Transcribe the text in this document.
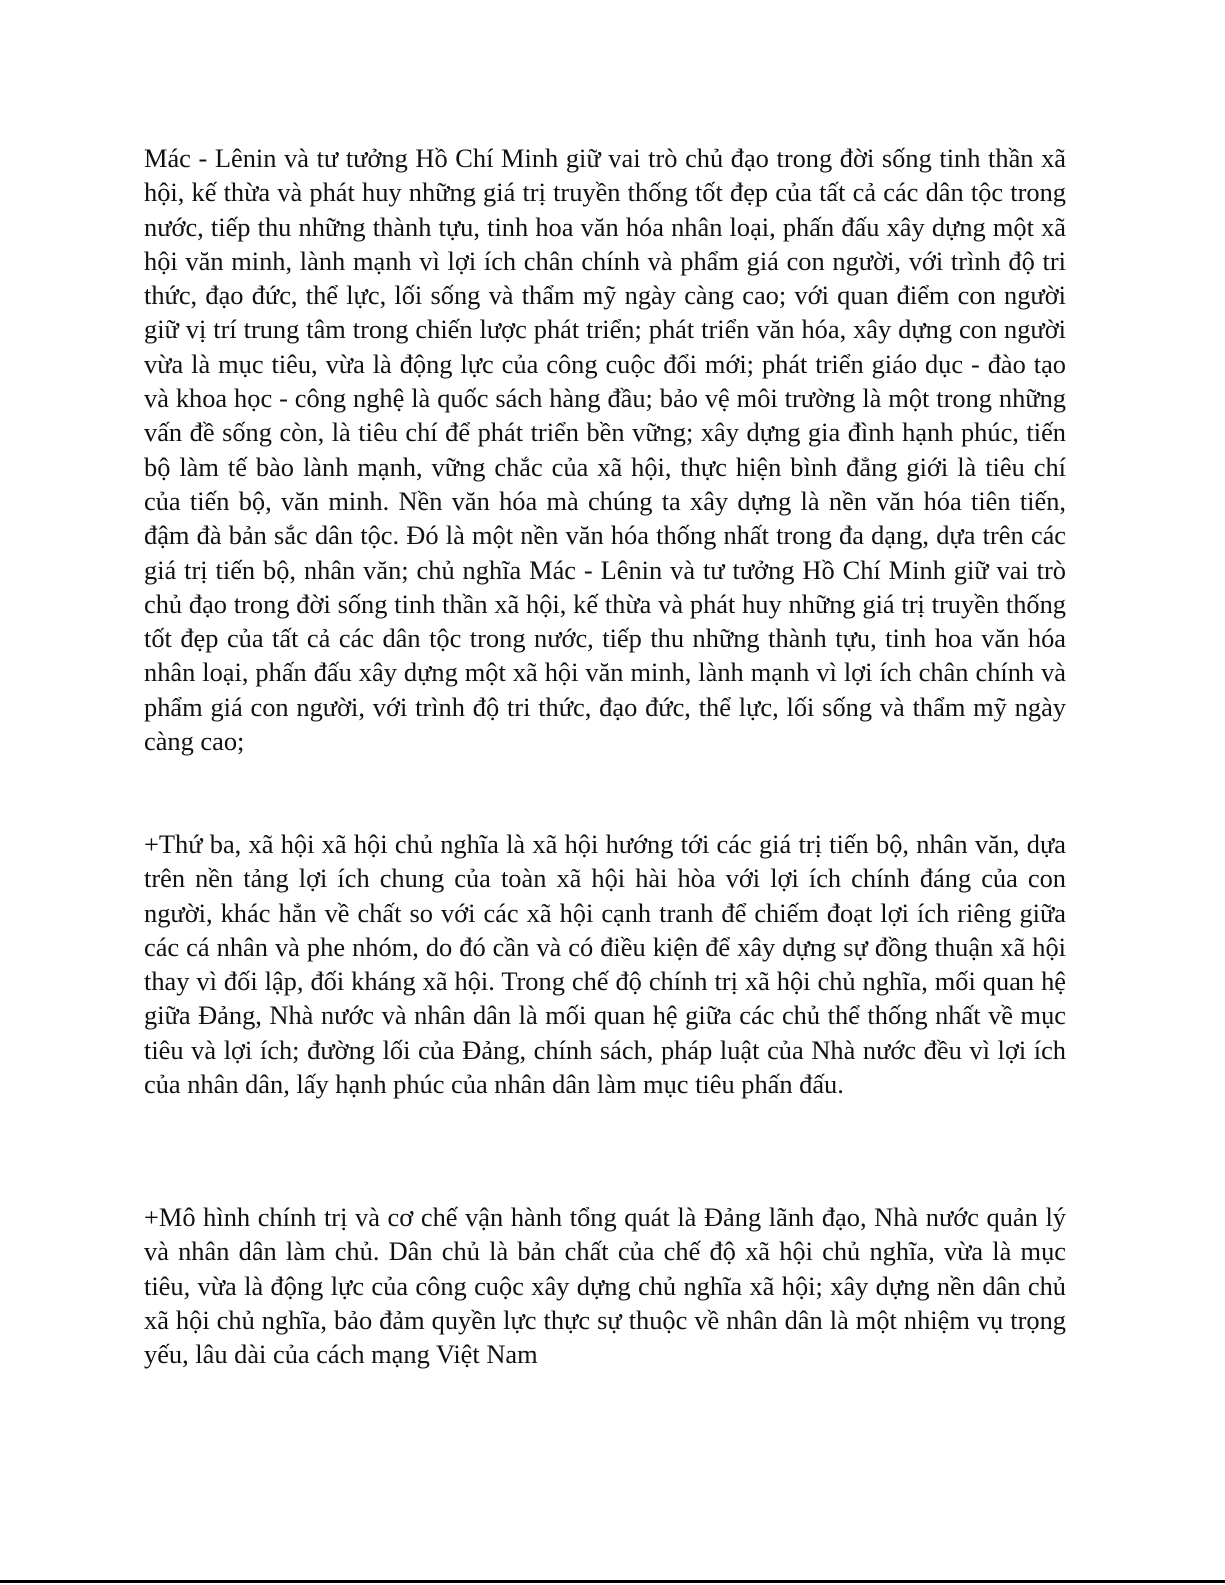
Mác - Lênin và tư tưởng Hồ Chí Minh giữ vai trò chủ đạo trong đời sống tinh thần xã hội, kế thừa và phát huy những giá trị truyền thống tốt đẹp của tất cả các dân tộc trong nước, tiếp thu những thành tựu, tinh hoa văn hóa nhân loại, phấn đấu xây dựng một xã hội văn minh, lành mạnh vì lợi ích chân chính và phẩm giá con người, với trình độ tri thức, đạo đức, thể lực, lối sống và thẩm mỹ ngày càng cao; với quan điểm con người giữ vị trí trung tâm trong chiến lược phát triển; phát triển văn hóa, xây dựng con người vừa là mục tiêu, vừa là động lực của công cuộc đổi mới; phát triển giáo dục - đào tạo và khoa học - công nghệ là quốc sách hàng đầu; bảo vệ môi trường là một trong những vấn đề sống còn, là tiêu chí để phát triển bền vững; xây dựng gia đình hạnh phúc, tiến bộ làm tế bào lành mạnh, vững chắc của xã hội, thực hiện bình đẳng giới là tiêu chí của tiến bộ, văn minh. Nền văn hóa mà chúng ta xây dựng là nền văn hóa tiên tiến, đậm đà bản sắc dân tộc. Đó là một nền văn hóa thống nhất trong đa dạng, dựa trên các giá trị tiến bộ, nhân văn; chủ nghĩa Mác - Lênin và tư tưởng Hồ Chí Minh giữ vai trò chủ đạo trong đời sống tinh thần xã hội, kế thừa và phát huy những giá trị truyền thống tốt đẹp của tất cả các dân tộc trong nước, tiếp thu những thành tựu, tinh hoa văn hóa nhân loại, phấn đấu xây dựng một xã hội văn minh, lành mạnh vì lợi ích chân chính và phẩm giá con người, với trình độ tri thức, đạo đức, thể lực, lối sống và thẩm mỹ ngày càng cao;

+Thứ ba, xã hội xã hội chủ nghĩa là xã hội hướng tới các giá trị tiến bộ, nhân văn, dựa trên nền tảng lợi ích chung của toàn xã hội hài hòa với lợi ích chính đáng của con người, khác hẳn về chất so với các xã hội cạnh tranh để chiếm đoạt lợi ích riêng giữa các cá nhân và phe nhóm, do đó cần và có điều kiện để xây dựng sự đồng thuận xã hội thay vì đối lập, đối kháng xã hội. Trong chế độ chính trị xã hội chủ nghĩa, mối quan hệ giữa Đảng, Nhà nước và nhân dân là mối quan hệ giữa các chủ thể thống nhất về mục tiêu và lợi ích; đường lối của Đảng, chính sách, pháp luật của Nhà nước đều vì lợi ích của nhân dân, lấy hạnh phúc của nhân dân làm mục tiêu phấn đấu.

+Mô hình chính trị và cơ chế vận hành tổng quát là Đảng lãnh đạo, Nhà nước quản lý và nhân dân làm chủ. Dân chủ là bản chất của chế độ xã hội chủ nghĩa, vừa là mục tiêu, vừa là động lực của công cuộc xây dựng chủ nghĩa xã hội; xây dựng nền dân chủ xã hội chủ nghĩa, bảo đảm quyền lực thực sự thuộc về nhân dân là một nhiệm vụ trọng yếu, lâu dài của cách mạng Việt Nam
